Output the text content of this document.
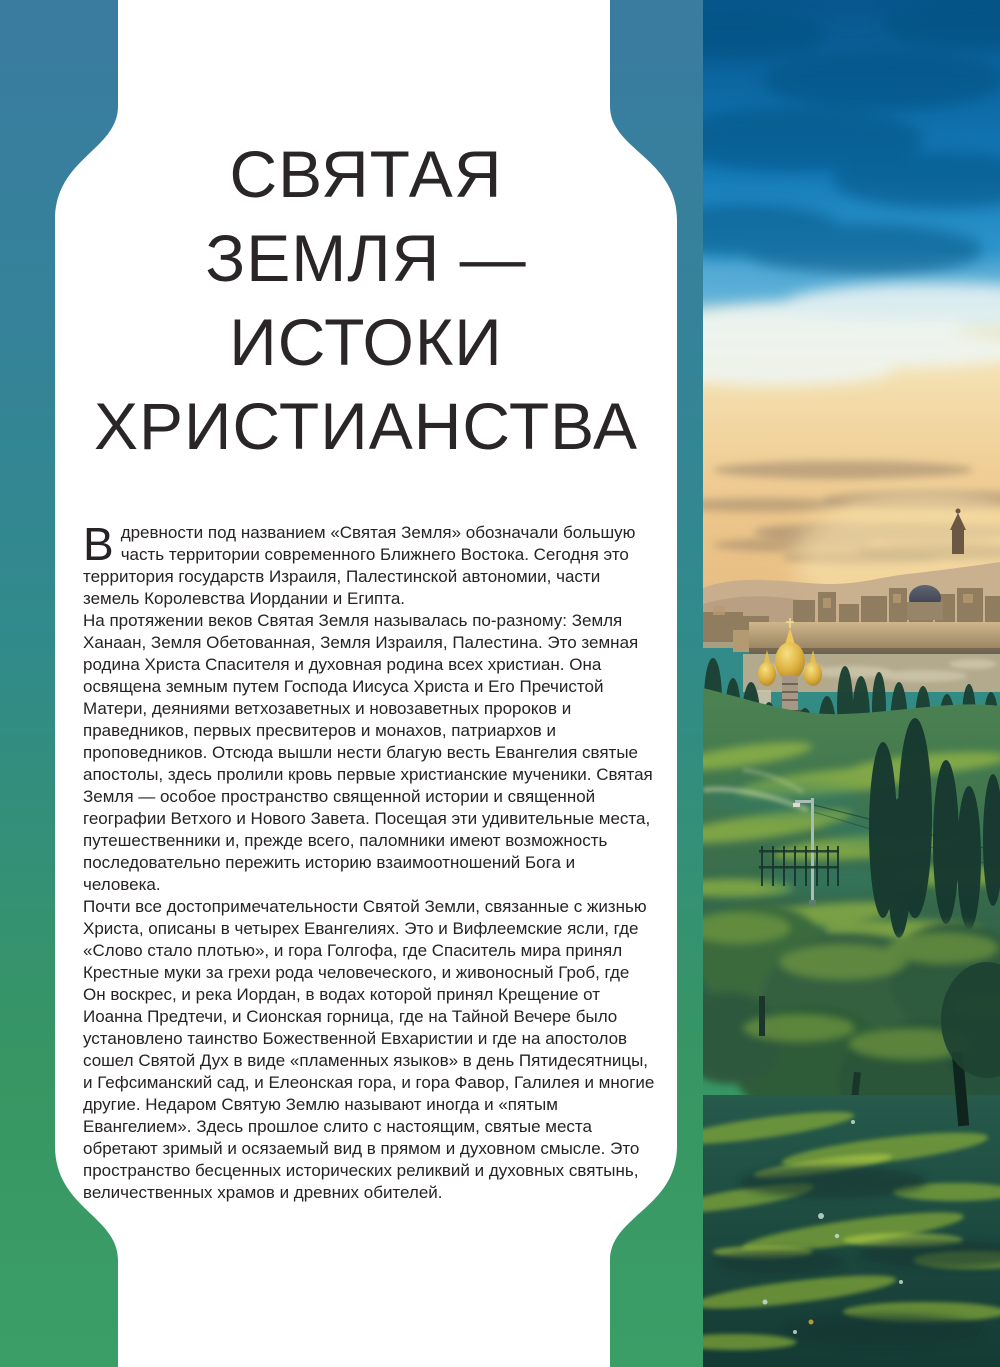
СВЯТАЯ
ЗЕМЛЯ —
ИСТОКИ
ХРИСТИАНСТВА

Вдревности под названием «Святая Земля» обозначали большую часть территории современного Ближнего Востока. Сегодня это территория государств Израиля, Палестинской автономии, части земель Королевства Иордании и Египта.

На протяжении веков Святая Земля называлась по-разному: Земля Ханаан, Земля Обетованная, Земля Израиля, Палестина. Это земная родина Христа Спасителя и духовная родина всех христиан. Она освящена земным путем Господа Иисуса Христа и Его Пречистой Матери, деяниями ветхозаветных и новозаветных пророков и праведников, первых пресвитеров и монахов, патриархов и проповедников. Отсюда вышли нести благую весть Евангелия святые апостолы, здесь пролили кровь первые христианские мученики. Святая Земля — особое пространство священной истории и священной географии Ветхого и Нового Завета. Посещая эти удивительные места, путешественники и, прежде всего, паломники имеют возможность последовательно пережить историю взаимоотношений Бога и человека.

Почти все достопримечательности Святой Земли, связанные с жизнью Христа, описаны в четырех Евангелиях. Это и Вифлеемские ясли, где «Слово стало плотью», и гора Голгофа, где Спаситель мира принял Крестные муки за грехи рода человеческого, и живоносный Гроб, где Он воскрес, и река Иордан, в водах которой принял Крещение от Иоанна Предтечи, и Сионская горница, где на Тайной Вечере было установлено таинство Божественной Евхаристии и где на апостолов сошел Святой Дух в виде «пламенных языков» в день Пятидесятницы, и Гефсиманский сад, и Елеонская гора, и гора Фавор, Галилея и многие другие. Недаром Святую Землю называют иногда и «пятым Евангелием». Здесь прошлое слито с настоящим, святые места обретают зримый и осязаемый вид в прямом и духовном смысле. Это пространство бесценных исторических реликвий и духовных святынь, величественных храмов и древних обителей.
